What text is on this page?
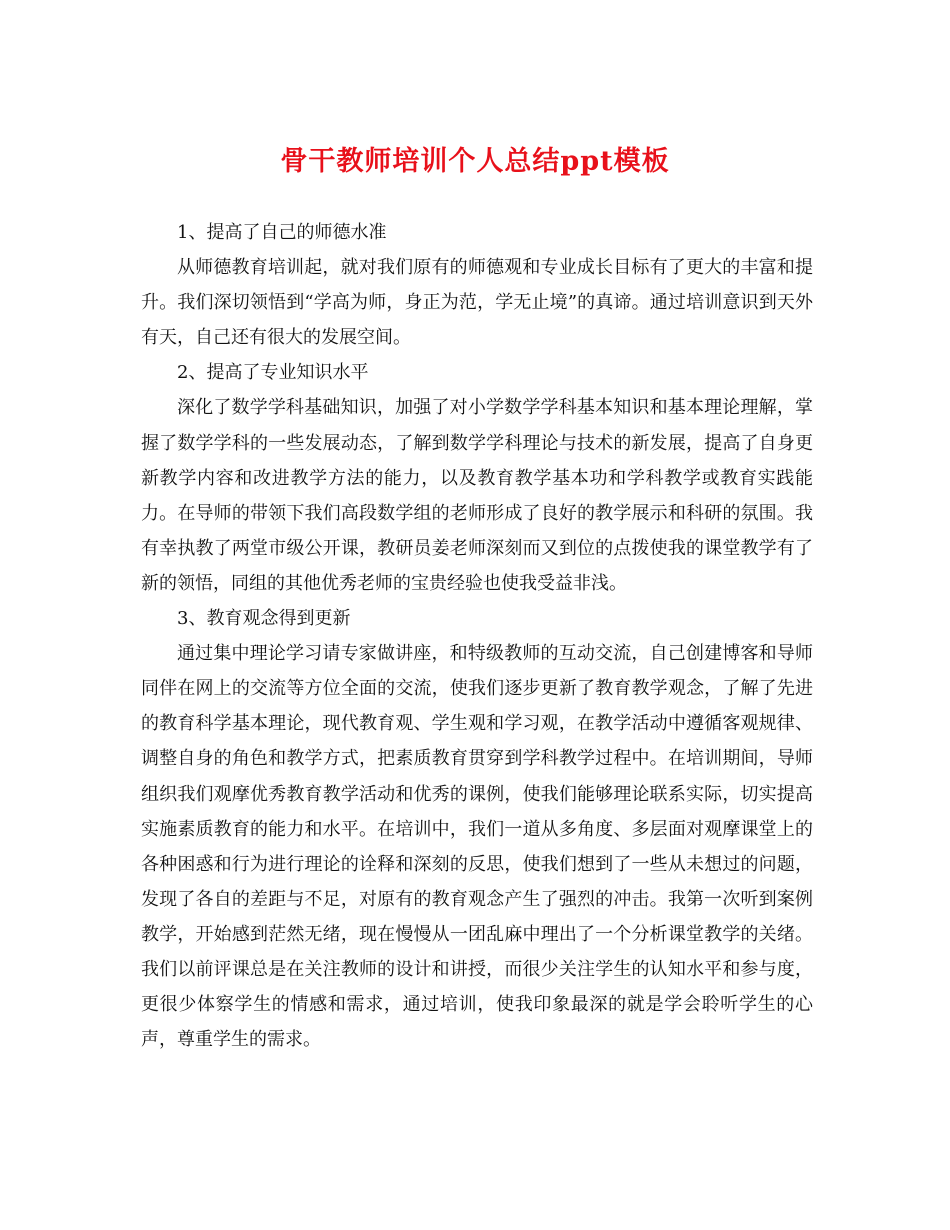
骨干教师培训个人总结ppt模板

1、提高了自己的师德水准

从师德教育培训起，就对我们原有的师德观和专业成长目标有了更大的丰富和提升。我们深切领悟到“学高为师，身正为范，学无止境”的真谛。通过培训意识到天外有天，自己还有很大的发展空间。

2、提高了专业知识水平

深化了数学学科基础知识，加强了对小学数学学科基本知识和基本理论理解，掌握了数学学科的一些发展动态，了解到数学学科理论与技术的新发展，提高了自身更新教学内容和改进教学方法的能力，以及教育教学基本功和学科教学或教育实践能力。在导师的带领下我们高段数学组的老师形成了良好的教学展示和科研的氛围。我有幸执教了两堂市级公开课，教研员姜老师深刻而又到位的点拨使我的课堂教学有了新的领悟，同组的其他优秀老师的宝贵经验也使我受益非浅。

3、教育观念得到更新

通过集中理论学习请专家做讲座，和特级教师的互动交流，自己创建博客和导师同伴在网上的交流等方位全面的交流，使我们逐步更新了教育教学观念，了解了先进的教育科学基本理论，现代教育观、学生观和学习观，在教学活动中遵循客观规律、调整自身的角色和教学方式，把素质教育贯穿到学科教学过程中。在培训期间，导师组织我们观摩优秀教育教学活动和优秀的课例，使我们能够理论联系实际，切实提高实施素质教育的能力和水平。在培训中，我们一道从多角度、多层面对观摩课堂上的各种困惑和行为进行理论的诠释和深刻的反思，使我们想到了一些从未想过的问题，发现了各自的差距与不足，对原有的教育观念产生了强烈的冲击。我第一次听到案例教学，开始感到茫然无绪，现在慢慢从一团乱麻中理出了一个分析课堂教学的关绪。我们以前评课总是在关注教师的设计和讲授，而很少关注学生的认知水平和参与度，更很少体察学生的情感和需求，通过培训，使我印象最深的就是学会聆听学生的心声，尊重学生的需求。
